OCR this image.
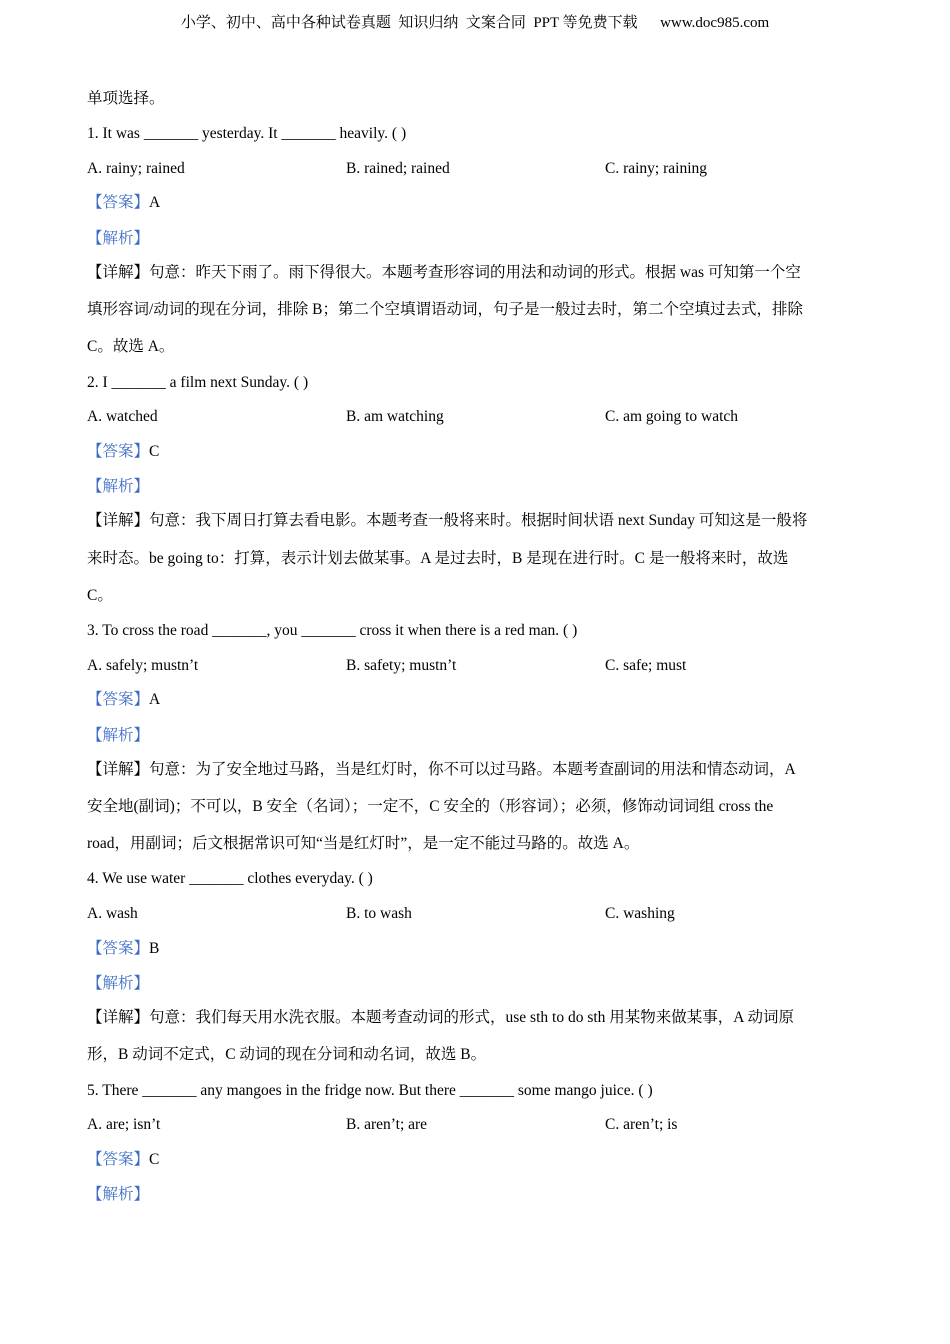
小学、初中、高中各种试卷真题  知识归纳  文案合同  PPT 等免费下载      www.doc985.com
单项选择。
1. It was _______ yesterday. It _______ heavily. ( )
A. rainy; rained	B. rained; rained	C. rainy; raining
【答案】A
【解析】
【详解】句意：昨天下雨了。雨下得很大。本题考查形容词的用法和动词的形式。根据 was 可知第一个空
填形容词/动词的现在分词，排除 B；第二个空填谓语动词，句子是一般过去时，第二个空填过去式，排除
C。故选 A。
2. I _______ a film next Sunday. ( )
A. watched	B. am watching	C. am going to watch
【答案】C
【解析】
【详解】句意：我下周日打算去看电影。本题考查一般将来时。根据时间状语 next Sunday 可知这是一般将
来时态。be going to：打算，表示计划去做某事。A 是过去时，B 是现在进行时。C 是一般将来时，故选
C。
3. To cross the road _______, you _______ cross it when there is a red man. ( )
A. safely; mustn’t	B. safety; mustn’t	C. safe; must
【答案】A
【解析】
【详解】句意：为了安全地过马路，当是红灯时，你不可以过马路。本题考查副词的用法和情态动词，A
安全地(副词)；不可以，B 安全（名词）；一定不，C 安全的（形容词）；必须，修饰动词词组 cross the
road，用副词；后文根据常识可知“当是红灯时”，是一定不能过马路的。故选 A。
4. We use water _______ clothes everyday. ( )
A. wash	B. to wash	C. washing
【答案】B
【解析】
【详解】句意：我们每天用水洗衣服。本题考查动词的形式，use sth to do sth 用某物来做某事，A 动词原
形，B 动词不定式，C 动词的现在分词和动名词，故选 B。
5. There _______ any mangoes in the fridge now. But there _______ some mango juice. ( )
A. are; isn’t	B. aren’t; are	C. aren’t; is
【答案】C
【解析】
